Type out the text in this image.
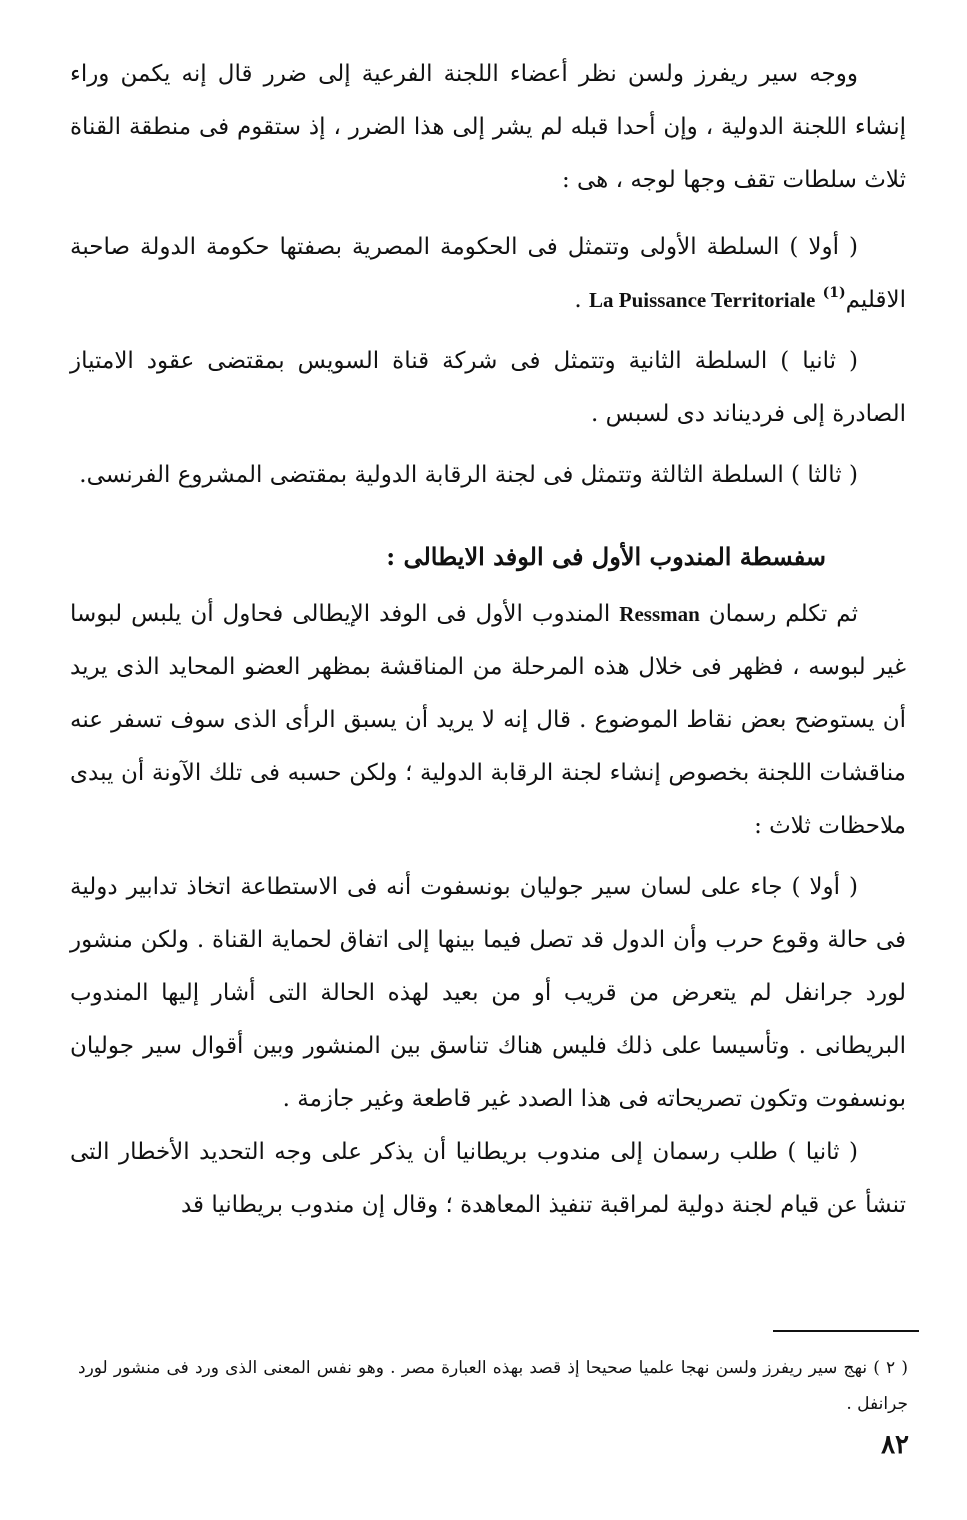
ووجه سير ريفرز ولسن نظر أعضاء اللجنة الفرعية إلى ضرر قال إنه يكمن وراء إنشاء اللجنة الدولية ، وإن أحدا قبله لم يشر إلى هذا الضرر ، إذ ستقوم فى منطقة القناة ثلاث سلطات تقف وجها لوجه ، هى :

( أولا ) السلطة الأولى وتتمثل فى الحكومة المصرية بصفتها حكومة الدولة صاحبة الاقليم$^{(1)}$ La Puissance Territoriale .

( ثانيا ) السلطة الثانية وتتمثل فى شركة قناة السويس بمقتضى عقود الامتياز الصادرة إلى فردیناند دى لسبس .

( ثالثا ) السلطة الثالثة وتتمثل فى لجنة الرقابة الدولية بمقتضى المشروع الفرنسى.

سفسطة المندوب الأول فى الوفد الايطالى :

ثم تكلم رسمان Ressman المندوب الأول فى الوفد الإيطالى فحاول أن يلبس لبوسا غير لبوسه ، فظهر فى خلال هذه المرحلة من المناقشة بمظهر العضو المحايد الذى يريد أن يستوضح بعض نقاط الموضوع . قال إنه لا يريد أن يسبق الرأى الذى سوف تسفر عنه مناقشات اللجنة بخصوص إنشاء لجنة الرقابة الدولية ؛ ولكن حسبه فى تلك الآونة أن يبدى ملاحظات ثلاث :

( أولا ) جاء على لسان سير جوليان بونسفوت أنه فى الاستطاعة اتخاذ تدابير دولية فى حالة وقوع حرب وأن الدول قد تصل فيما بينها إلى اتفاق لحماية القناة . ولكن منشور لورد جرانفل لم يتعرض من قريب أو من بعيد لهذه الحالة التى أشار إليها المندوب البريطانى . وتأسيسا على ذلك فليس هناك تناسق بين المنشور وبين أقوال سير جوليان بونسفوت وتكون تصريحاته فى هذا الصدد غير قاطعة وغير جازمة .

( ثانيا ) طلب رسمان إلى مندوب بريطانيا أن يذكر على وجه التحديد الأخطار التى تنشأ عن قيام لجنة دولية لمراقبة تنفيذ المعاهدة ؛ وقال إن مندوب بريطانيا قد

( ٢ ) نهج سير ريفرز ولسن نهجا علميا صحيحا إذ قصد بهذه العبارة مصر . وهو نفس المعنى الذى ورد فى منشور لورد جرانفل .

٨٢
